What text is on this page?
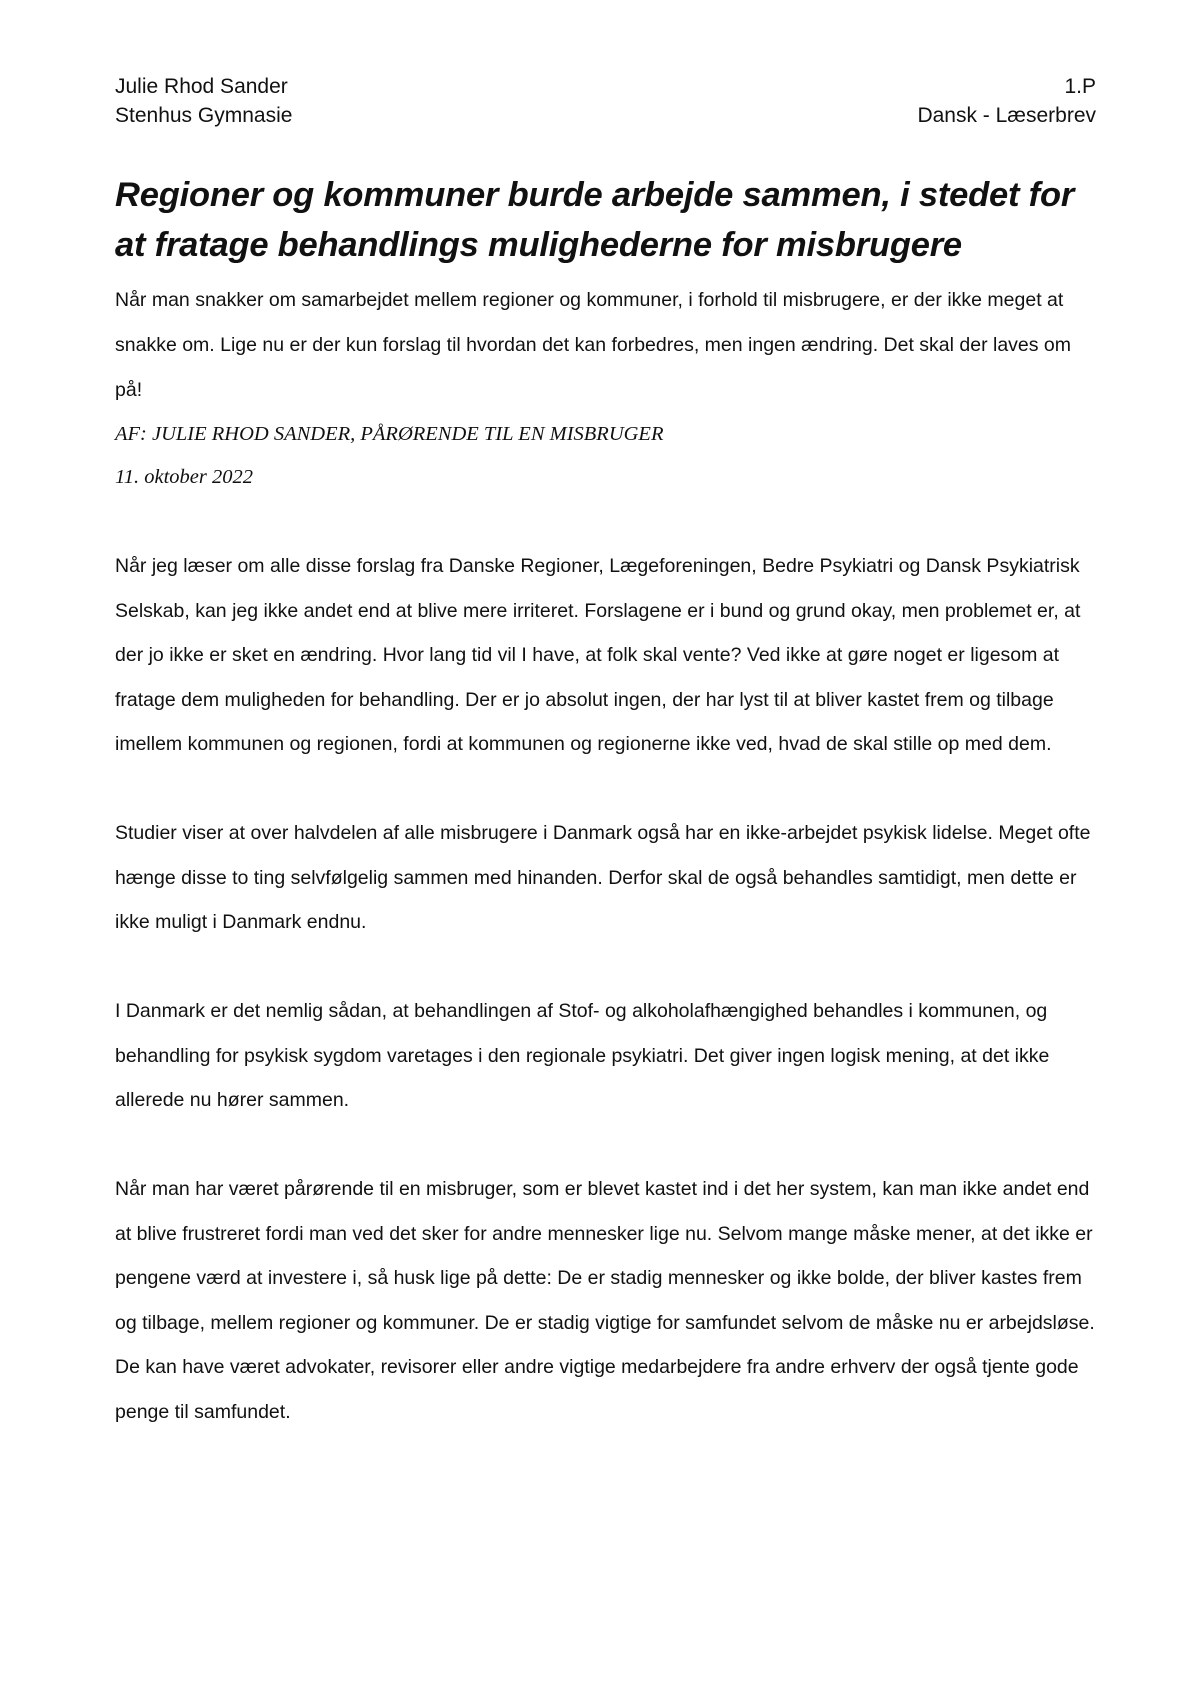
Julie Rhod Sander
Stenhus Gymnasie
1.P
Dansk - Læserbrev
Regioner og kommuner burde arbejde sammen, i stedet for at fratage behandlings mulighederne for misbrugere

Når man snakker om samarbejdet mellem regioner og kommuner, i forhold til misbrugere, er der ikke meget at snakke om. Lige nu er der kun forslag til hvordan det kan forbedres, men ingen ændring. Det skal der laves om på!

AF: JULIE RHOD SANDER, PÅRØRENDE TIL EN MISBRUGER

11. oktober 2022

Når jeg læser om alle disse forslag fra Danske Regioner, Lægeforeningen, Bedre Psykiatri og Dansk Psykiatrisk Selskab, kan jeg ikke andet end at blive mere irriteret. Forslagene er i bund og grund okay, men problemet er, at der jo ikke er sket en ændring. Hvor lang tid vil I have, at folk skal vente? Ved ikke at gøre noget er ligesom at fratage dem muligheden for behandling. Der er jo absolut ingen, der har lyst til at bliver kastet frem og tilbage imellem kommunen og regionen, fordi at kommunen og regionerne ikke ved, hvad de skal stille op med dem.

Studier viser at over halvdelen af alle misbrugere i Danmark også har en ikke-arbejdet psykisk lidelse. Meget ofte hænge disse to ting selvfølgelig sammen med hinanden. Derfor skal de også behandles samtidigt, men dette er ikke muligt i Danmark endnu.

I Danmark er det nemlig sådan, at behandlingen af Stof- og alkoholafhængighed behandles i kommunen, og behandling for psykisk sygdom varetages i den regionale psykiatri. Det giver ingen logisk mening, at det ikke allerede nu hører sammen.

Når man har været pårørende til en misbruger, som er blevet kastet ind i det her system, kan man ikke andet end at blive frustreret fordi man ved det sker for andre mennesker lige nu. Selvom mange måske mener, at det ikke er pengene værd at investere i, så husk lige på dette: De er stadig mennesker og ikke bolde, der bliver kastes frem og tilbage, mellem regioner og kommuner. De er stadig vigtige for samfundet selvom de måske nu er arbejdsløse. De kan have været advokater, revisorer eller andre vigtige medarbejdere fra andre erhverv der også tjente gode penge til samfundet.
